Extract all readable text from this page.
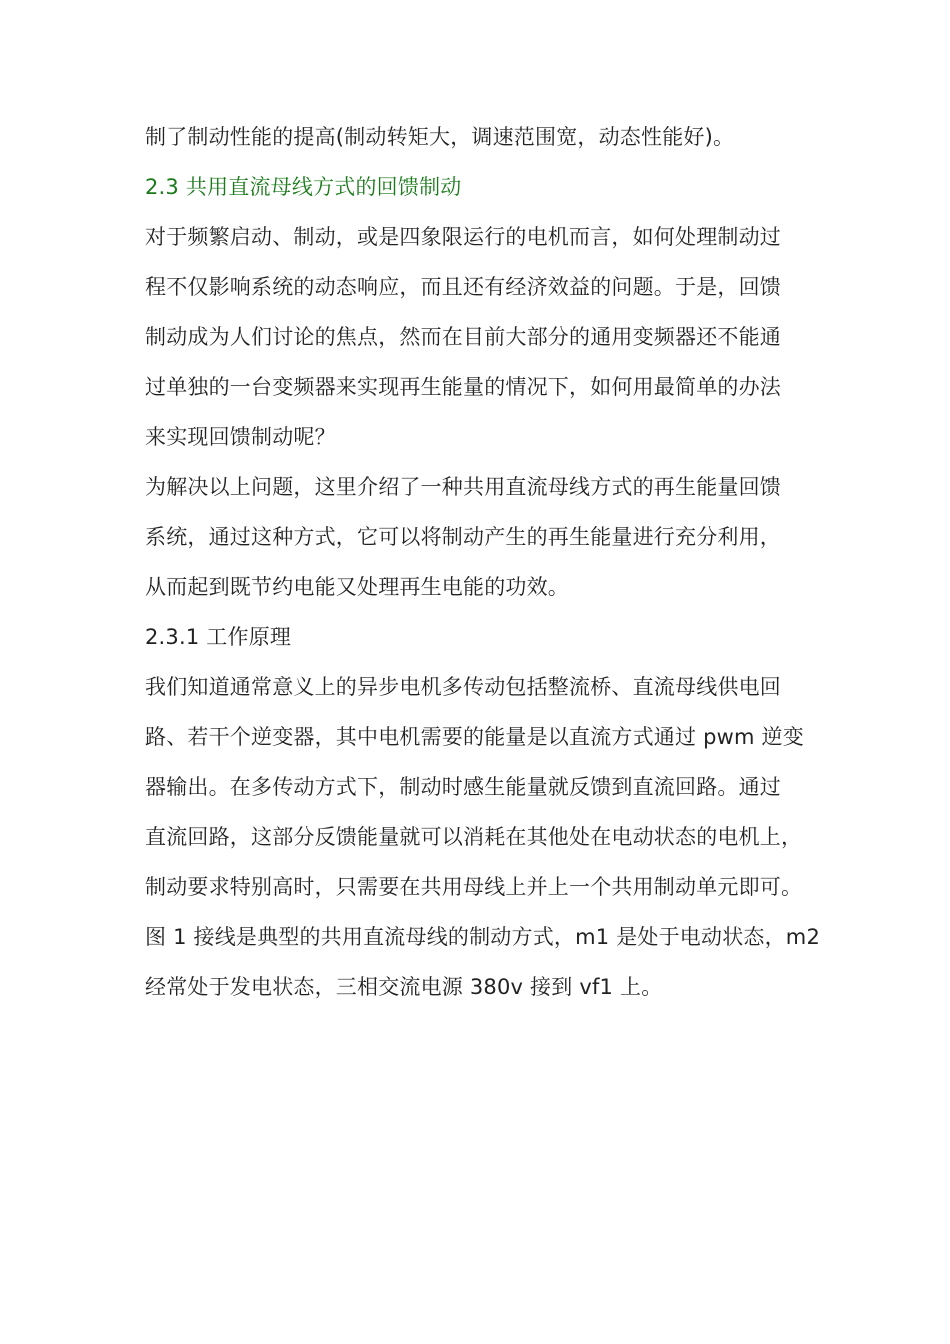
制了制动性能的提高(制动转矩大，调速范围宽，动态性能好)。
2.3 共用直流母线方式的回馈制动
对于频繁启动、制动，或是四象限运行的电机而言，如何处理制动过
程不仅影响系统的动态响应，而且还有经济效益的问题。于是，回馈
制动成为人们讨论的焦点，然而在目前大部分的通用变频器还不能通
过单独的一台变频器来实现再生能量的情况下，如何用最简单的办法
来实现回馈制动呢？
为解决以上问题，这里介绍了一种共用直流母线方式的再生能量回馈
系统，通过这种方式，它可以将制动产生的再生能量进行充分利用，
从而起到既节约电能又处理再生电能的功效。
2.3.1 工作原理
我们知道通常意义上的异步电机多传动包括整流桥、直流母线供电回
路、若干个逆变器，其中电机需要的能量是以直流方式通过 pwm 逆变
器输出。在多传动方式下，制动时感生能量就反馈到直流回路。通过
直流回路，这部分反馈能量就可以消耗在其他处在电动状态的电机上，
制动要求特别高时，只需要在共用母线上并上一个共用制动单元即可。
图 1 接线是典型的共用直流母线的制动方式，m1 是处于电动状态，m2
经常处于发电状态，三相交流电源 380v 接到 vf1 上。
